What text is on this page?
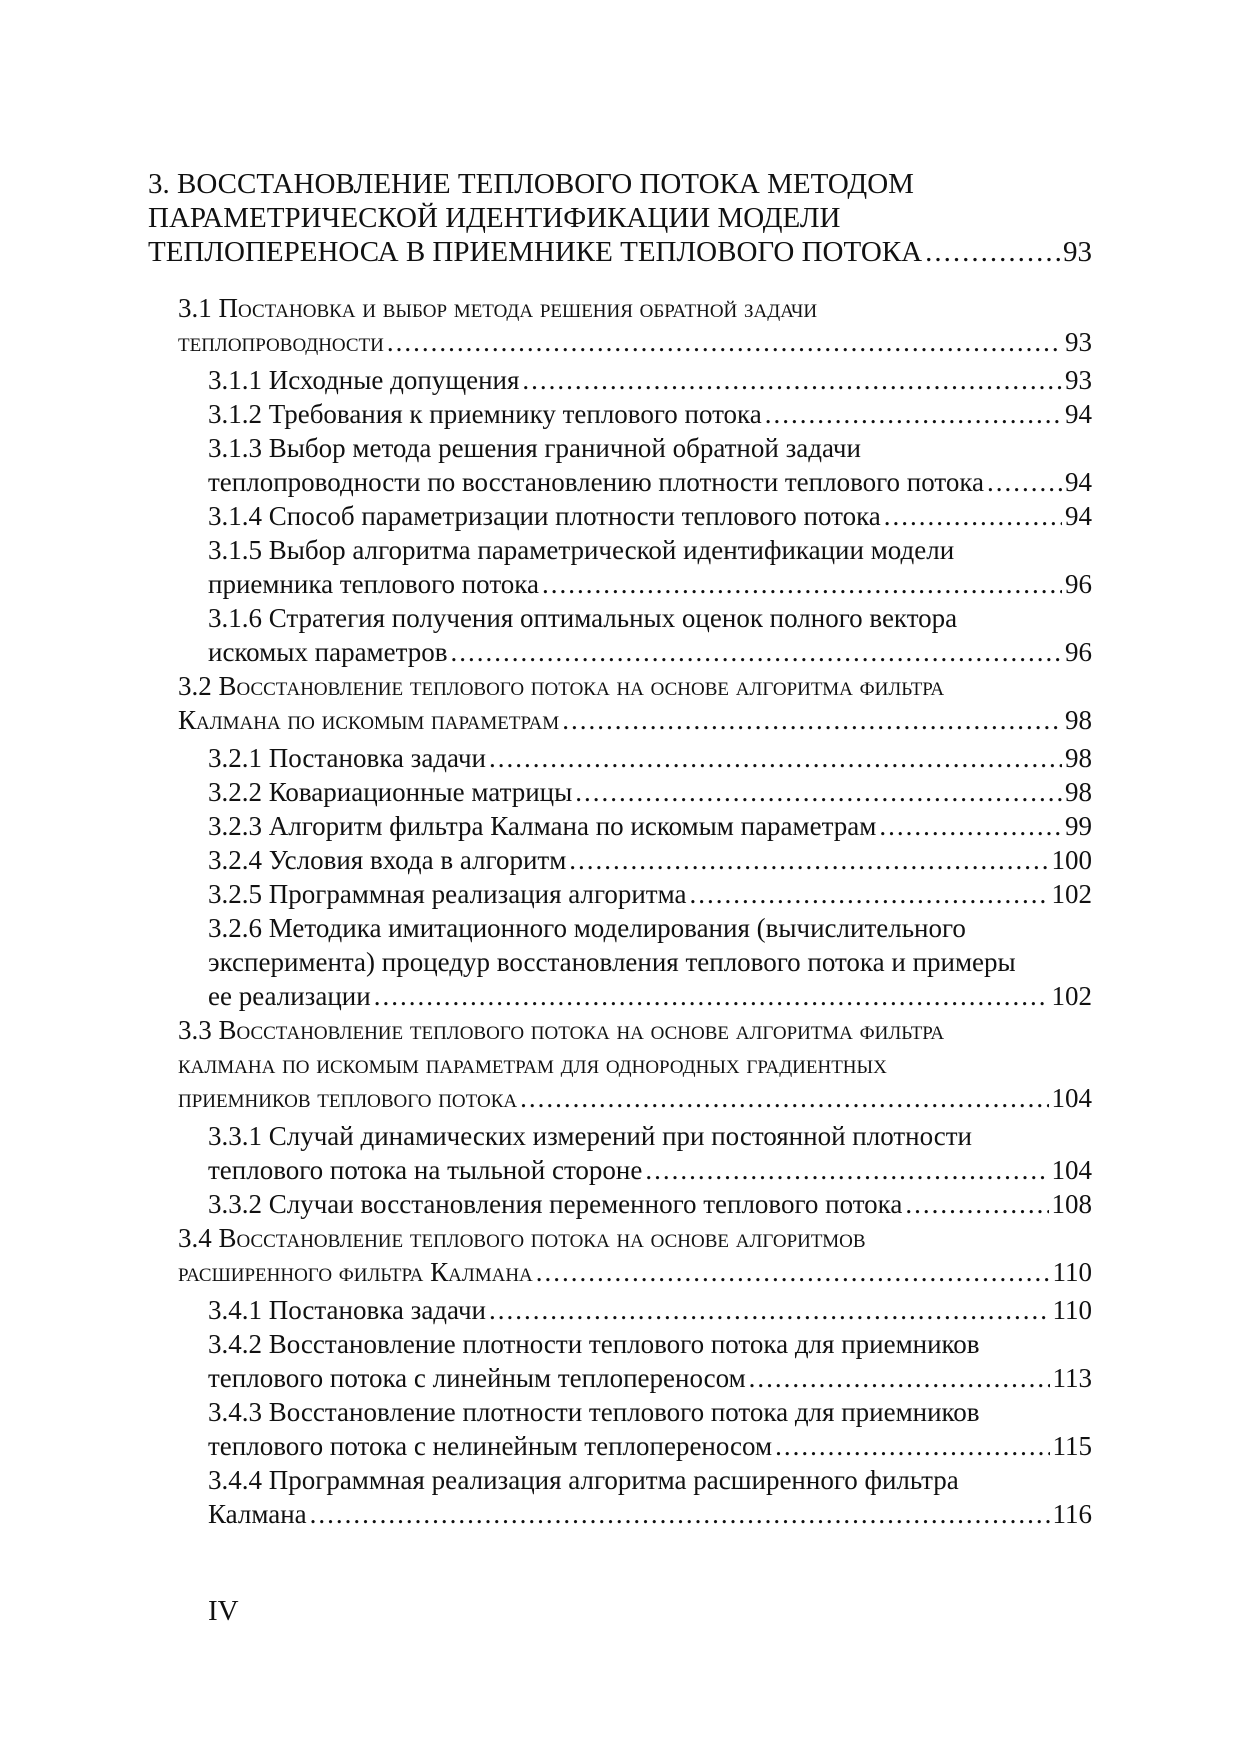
3. ВОССТАНОВЛЕНИЕ ТЕПЛОВОГО ПОТОКА МЕТОДОМ
ПАРАМЕТРИЧЕСКОЙ ИДЕНТИФИКАЦИИ МОДЕЛИ
ТЕПЛОПЕРЕНОСА В ПРИЕМНИКЕ ТЕПЛОВОГО ПОТОКА .....	93
3.1 Постановка и выбор метода решения обратной задачи
теплопроводности .....	93
3.1.1 Исходные допущения .....	93
3.1.2 Требования к приемнику теплового потока .....	94
3.1.3 Выбор метода решения граничной обратной задачи
теплопроводности по восстановлению плотности теплового потока .....	94
3.1.4 Способ параметризации плотности теплового потока .....	94
3.1.5 Выбор алгоритма параметрической идентификации модели
приемника теплового потока .....	96
3.1.6 Стратегия получения оптимальных оценок полного вектора
искомых параметров .....	96
3.2 Восстановление теплового потока на основе алгоритма фильтра
Калмана по искомым параметрам .....	98
3.2.1 Постановка задачи .....	98
3.2.2 Ковариационные матрицы .....	98
3.2.3 Алгоритм фильтра Калмана по искомым параметрам .....	99
3.2.4 Условия входа в алгоритм .....	100
3.2.5 Программная реализация алгоритма .....	102
3.2.6 Методика имитационного моделирования (вычислительного
эксперимента) процедур восстановления теплового потока и примеры
ее реализации .....	102
3.3 Восстановление теплового потока на основе алгоритма фильтра
калмана по искомым параметрам для однородных градиентных
приемников теплового потока .....	104
3.3.1 Случай динамических измерений при постоянной плотности
теплового потока на тыльной стороне .....	104
3.3.2 Случаи восстановления переменного теплового потока .....	108
3.4 Восстановление теплового потока на основе алгоритмов
расширенного фильтра Калмана .....	110
3.4.1 Постановка задачи .....	110
3.4.2 Восстановление плотности теплового потока для приемников
теплового потока с линейным теплопереносом .....	113
3.4.3 Восстановление плотности теплового потока для приемников
теплового потока с нелинейным теплопереносом .....	115
3.4.4 Программная реализация алгоритма расширенного фильтра
Калмана .....	116
IV
